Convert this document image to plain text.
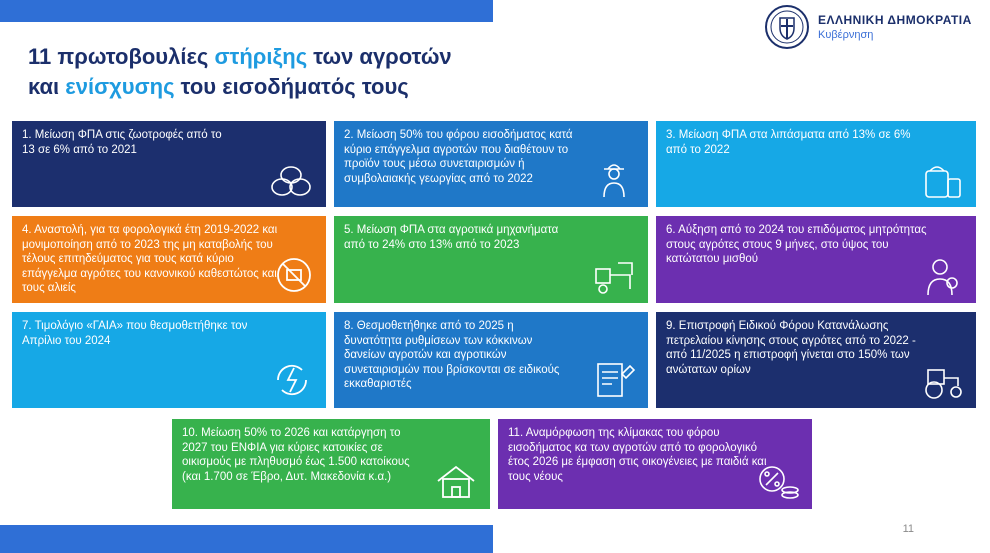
11 πρωτοβουλίες στήριξης των αγροτών
και ενίσχυσης του εισοδήματός τους
ΕΛΛΗΝΙΚΗ ΔΗΜΟΚΡΑΤΙΑ
Κυβέρνηση
1. Μείωση ΦΠΑ στις ζωοτροφές από το 13 σε 6% από το 2021
2. Μείωση 50% του φόρου εισοδήματος κατά κύριο επάγγελμα αγροτών που διαθέτουν το προϊόν τους μέσω συνεταιρισμών ή συμβολαιακής γεωργίας από το 2022
3. Μείωση ΦΠΑ στα λιπάσματα από 13% σε 6% από το 2022
4. Αναστολή, για τα φορολογικά έτη 2019-2022 και μονιμοποίηση από το 2023 της μη καταβολής του τέλους επιτηδεύματος για τους κατά κύριο επάγγελμα αγρότες του κανονικού καθεστώτος και τους αλιείς
5. Μείωση ΦΠΑ στα αγροτικά μηχανήματα από το 24% στο 13% από το 2023
6. Αύξηση από το 2024 του επιδόματος μητρότητας στους αγρότες στους 9 μήνες, στο ύψος του κατώτατου μισθού
7. Τιμολόγιο «ΓΑΙΑ» που θεσμοθετήθηκε τον Απρίλιο του 2024
8. Θεσμοθετήθηκε από το 2025 η δυνατότητα ρυθμίσεων των κόκκινων δανείων αγροτών και αγροτικών συνεταιρισμών που βρίσκονται σε ειδικούς εκκαθαριστές
9. Επιστροφή Ειδικού Φόρου Κατανάλωσης πετρελαίου κίνησης στους αγρότες από το 2022 - από 11/2025 η επιστροφή γίνεται στο 150% των ανώτατων ορίων
10. Μείωση 50% το 2026 και κατάργηση το 2027 του ΕΝΦΙΑ για κύριες κατοικίες σε οικισμούς με πληθυσμό έως 1.500 κατοίκους (και 1.700 σε Έβρο, Δυτ. Μακεδονία κ.α.)
11. Αναμόρφωση της κλίμακας του φόρου εισοδήματος κα των αγροτών από το φορολογικό έτος 2026 με έμφαση στις οικογένειες με παιδιά και τους νέους
11
